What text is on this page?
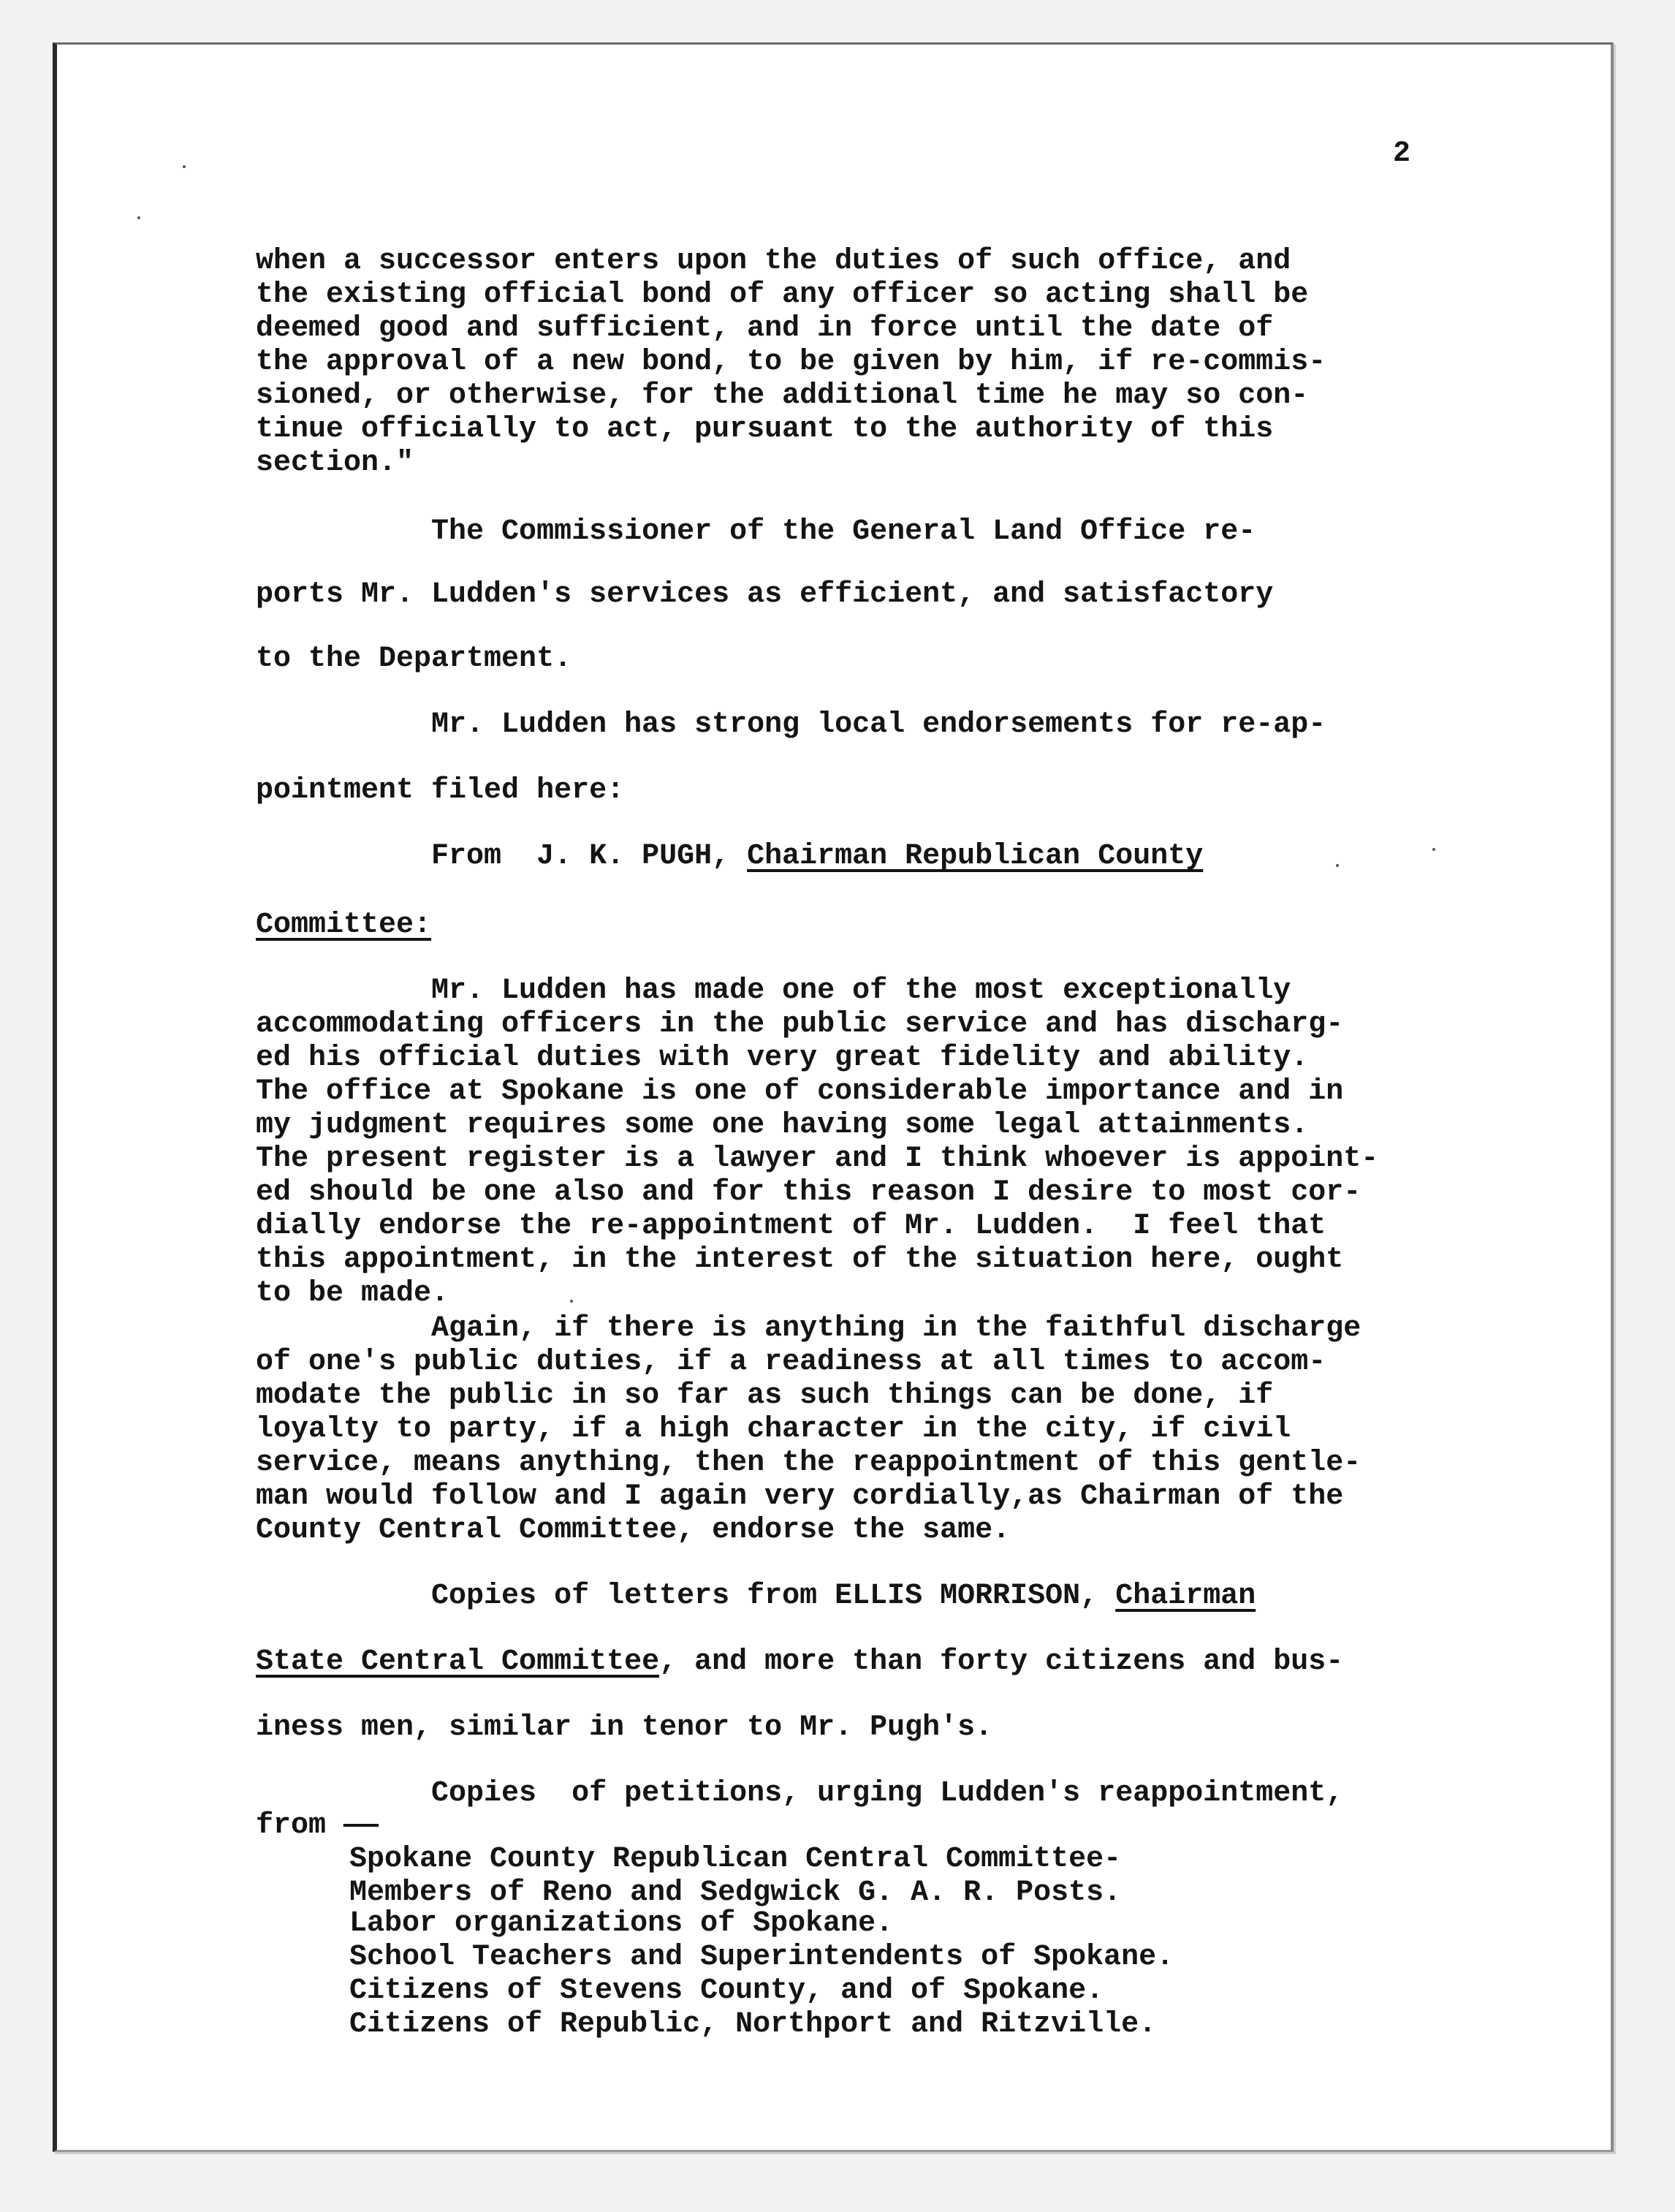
2

when a successor enters upon the duties of such office, and

the existing official bond of any officer so acting shall be

deemed good and sufficient, and in force until the date of

the approval of a new bond, to be given by him, if re-commis-

sioned, or otherwise, for the additional time he may so con-

tinue officially to act, pursuant to the authority of this

section."

The Commissioner of the General Land Office re-

ports Mr. Ludden's services as efficient, and satisfactory

to the Department.

Mr. Ludden has strong local endorsements for re-ap-

pointment filed here:

From  J. K. PUGH, Chairman Republican County

Committee:

Mr. Ludden has made one of the most exceptionally

accommodating officers in the public service and has discharg-

ed his official duties with very great fidelity and ability.

The office at Spokane is one of considerable importance and in

my judgment requires some one having some legal attainments.

The present register is a lawyer and I think whoever is appoint-

ed should be one also and for this reason I desire to most cor-

dially endorse the re-appointment of Mr. Ludden.  I feel that

this appointment, in the interest of the situation here, ought

to be made.

Again, if there is anything in the faithful discharge

of one's public duties, if a readiness at all times to accom-

modate the public in so far as such things can be done, if

loyalty to party, if a high character in the city, if civil

service, means anything, then the reappointment of this gentle-

man would follow and I again very cordially,as Chairman of the

County Central Committee, endorse the same.

Copies of letters from ELLIS MORRISON, Chairman

State Central Committee, and more than forty citizens and bus-

iness men, similar in tenor to Mr. Pugh's.

Copies  of petitions, urging Ludden's reappointment,

from ——

Spokane County Republican Central Committee-

Members of Reno and Sedgwick G. A. R. Posts.

Labor organizations of Spokane.

School Teachers and Superintendents of Spokane.

Citizens of Stevens County, and of Spokane.

Citizens of Republic, Northport and Ritzville.
